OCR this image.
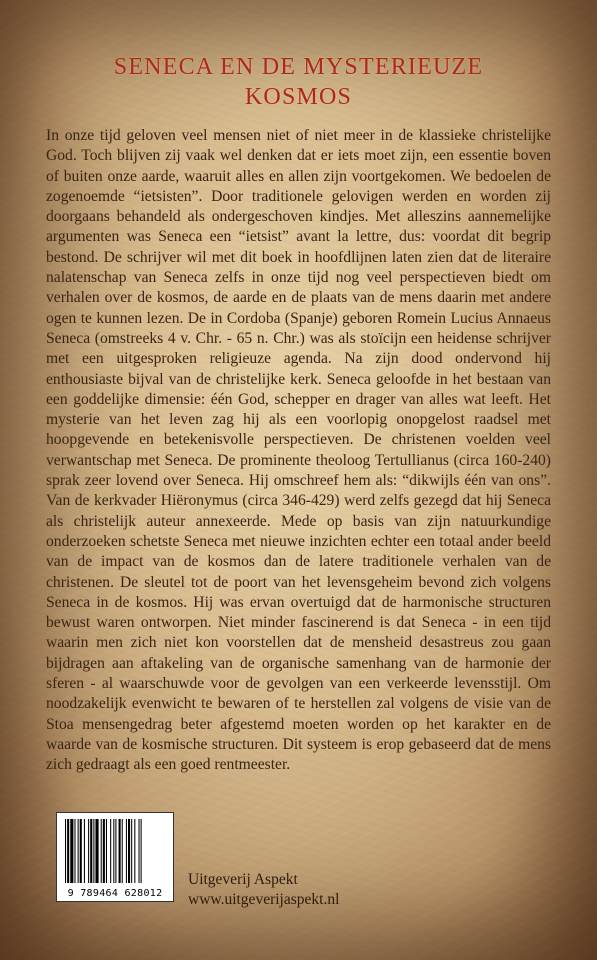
SENECA EN DE MYSTERIEUZE
KOSMOS

In onze tijd geloven veel mensen niet of niet meer in de klassieke christelijke God. Toch blijven zij vaak wel denken dat er iets moet zijn, een essentie boven of buiten onze aarde, waaruit alles en allen zijn voortgekomen. We bedoelen de zogenoemde “ietsisten”. Door traditionele gelovigen werden en worden zij doorgaans behandeld als ondergeschoven kindjes. Met alleszins aannemelijke argumenten was Seneca een “ietsist” avant la lettre, dus: voordat dit begrip bestond. De schrijver wil met dit boek in hoofdlijnen laten zien dat de literaire nalatenschap van Seneca zelfs in onze tijd nog veel perspectieven biedt om verhalen over de kosmos, de aarde en de plaats van de mens daarin met andere ogen te kunnen lezen. De in Cordoba (Spanje) geboren Romein Lucius Annaeus Seneca (omstreeks 4 v. Chr. - 65 n. Chr.) was als stoïcijn een heidense schrijver met een uitgesproken religieuze agenda. Na zijn dood ondervond hij enthousiaste bijval van de christelijke kerk. Seneca geloofde in het bestaan van een goddelijke dimensie: één God, schepper en drager van alles wat leeft. Het mysterie van het leven zag hij als een voorlopig onopgelost raadsel met hoopgevende en betekenisvolle perspectieven. De christenen voelden veel verwantschap met Seneca. De prominente theoloog Tertullianus (circa 160-240) sprak zeer lovend over Seneca. Hij omschreef hem als: “dikwijls één van ons”. Van de kerkvader Hiëronymus (circa 346-429) werd zelfs gezegd dat hij Seneca als christelijk auteur annexeerde. Mede op basis van zijn natuurkundige onderzoeken schetste Seneca met nieuwe inzichten echter een totaal ander beeld van de impact van de kosmos dan de latere traditionele verhalen van de christenen. De sleutel tot de poort van het levensgeheim bevond zich volgens Seneca in de kosmos. Hij was ervan overtuigd dat de harmonische structuren bewust waren ontworpen. Niet minder fascinerend is dat Seneca - in een tijd waarin men zich niet kon voorstellen dat de mensheid desastreus zou gaan bijdragen aan aftakeling van de organische samenhang van de harmonie der sferen - al waarschuwde voor de gevolgen van een verkeerde levensstijl. Om noodzakelijk evenwicht te bewaren of te herstellen zal volgens de visie van de Stoa mensengedrag beter afgestemd moeten worden op het karakter en de waarde van de kosmische structuren. Dit systeem is erop gebaseerd dat de mens zich gedraagt als een goed rentmeester.

9 789464 628012
Uitgeverij Aspekt
www.uitgeverijaspekt.nl
